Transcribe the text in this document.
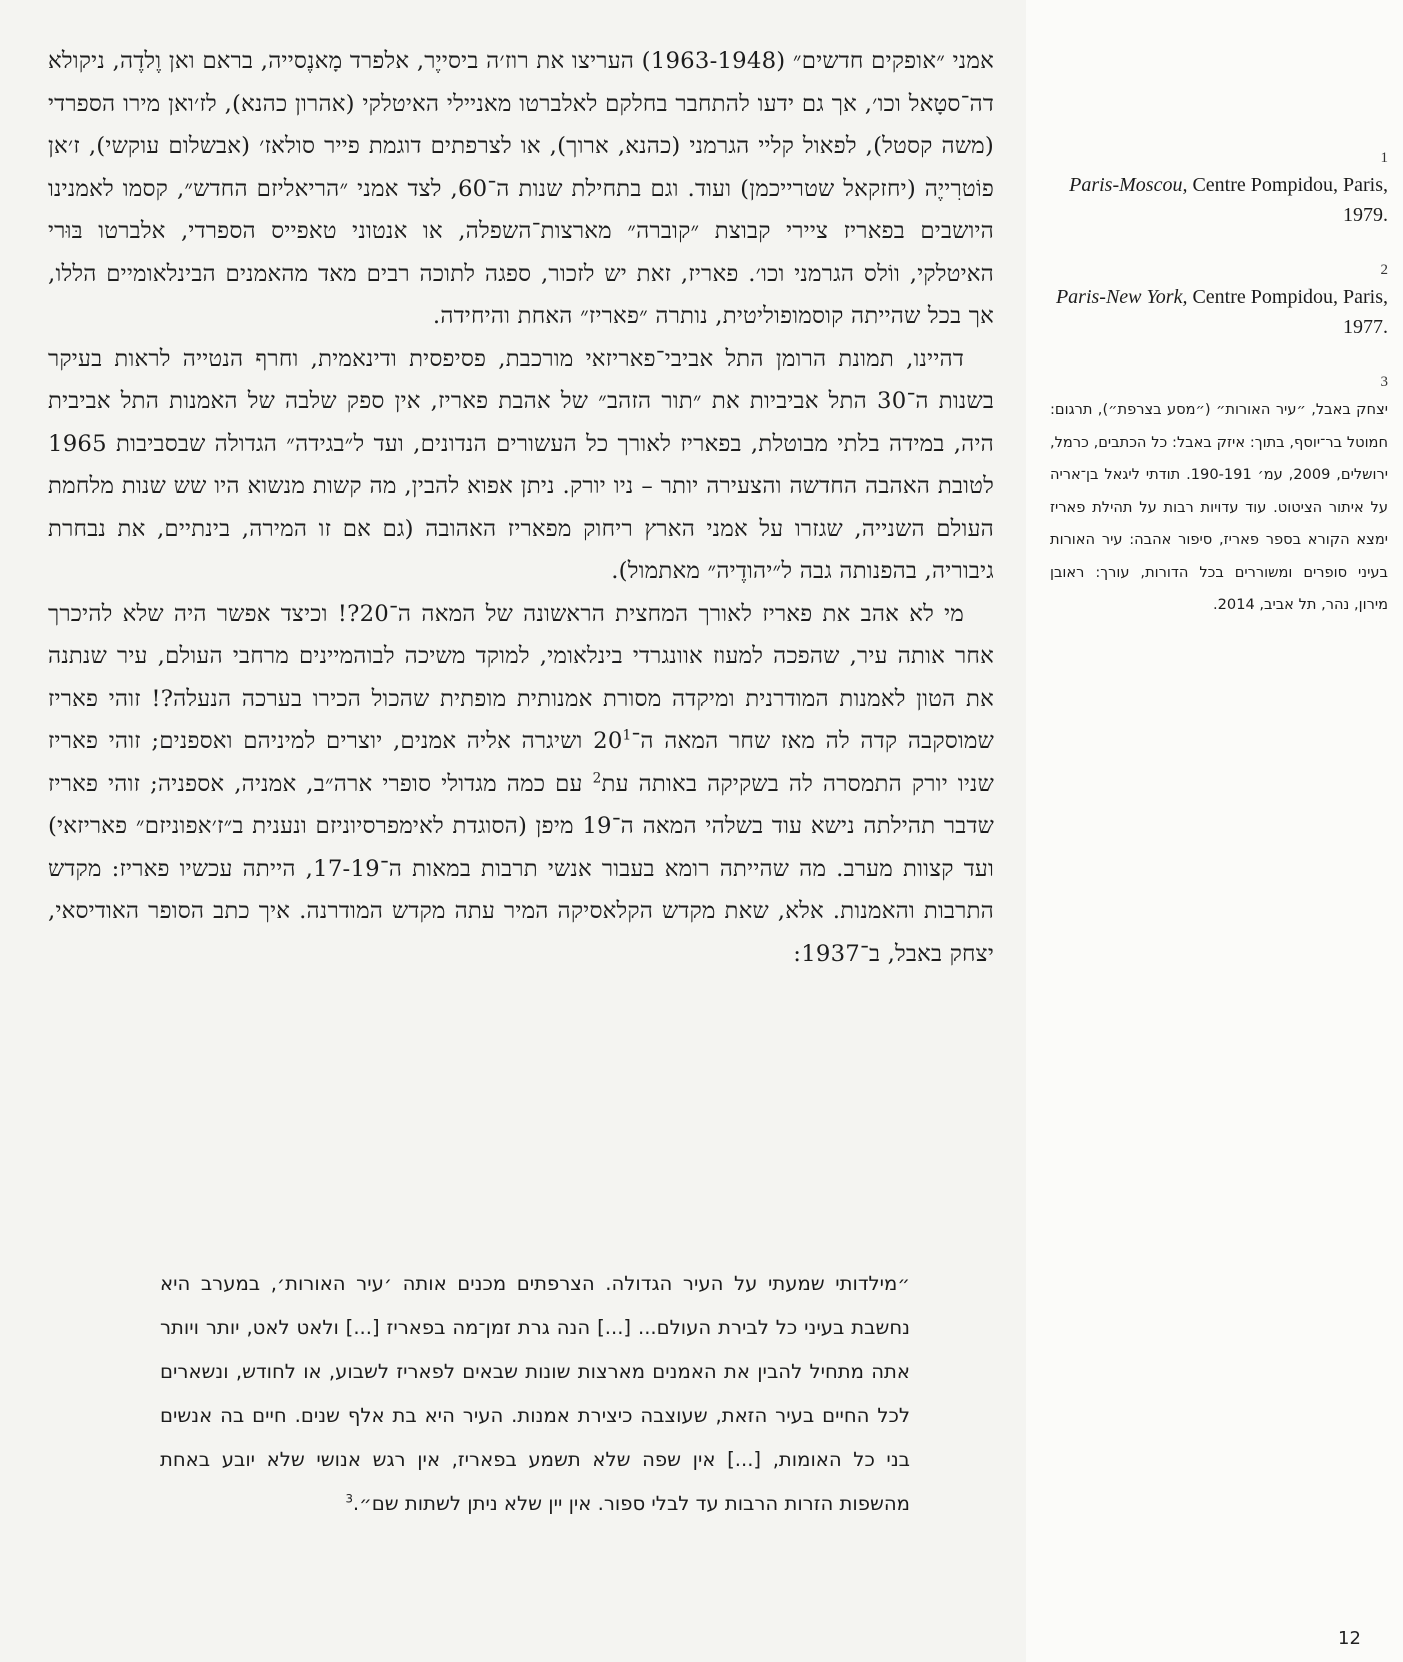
אמני ״אופקים חדשים״ (1963-1948) העריצו את רוז׳ה ביסייֶר, אלפרד מָאנֶסייה, בראם ואן וֶלדֶה, ניקולא דה־סטָאל וכו׳, אך גם ידעו להתחבר בחלקם לאלברטו מאניילי האיטלקי (אהרון כהנא), לז׳ואן מירו הספרדי (משה קסטל), לפאול קליי הגרמני (כהנא, ארוך), או לצרפתים דוגמת פייר סולאז׳ (אבשלום עוקשי), ז׳אן פוֹטרִייֶה (יחזקאל שטרייכמן) ועוד. וגם בתחילת שנות ה־60, לצד אמני ״הריאליזם החדש״, קסמו לאמנינו היושבים בפאריז ציירי קבוצת ״קוברה״ מארצות־השפלה, או אנטוני טאפייס הספרדי, אלברטו בּוּרי האיטלקי, ווֹלס הגרמני וכו׳. פאריז, זאת יש לזכור, ספגה לתוכה רבים מאד מהאמנים הבינלאומיים הללו, אך בכל שהייתה קוסמופוליטית, נותרה ״פאריז״ האחת והיחידה.

דהיינו, תמונת הרומן התל אביבי־פאריזאי מורכבת, פסיפסית ודינאמית, וחרף הנטייה לראות בעיקר בשנות ה־30 התל אביביות את ״תור הזהב״ של אהבת פאריז, אין ספק שלבה של האמנות התל אביבית היה, במידה בלתי מבוטלת, בפאריז לאורך כל העשורים הנדונים, ועד ל״בגידה״ הגדולה שבסביבות 1965 לטובת האהבה החדשה והצעירה יותר – ניו יורק. ניתן אפוא להבין, מה קשות מנשוא היו שש שנות מלחמת העולם השנייה, שגזרו על אמני הארץ ריחוק מפאריז האהובה (גם אם זו המירה, בינתיים, את נבחרת גיבוריה, בהפנותה גבה ל״יהודֶיה״ מאתמול).

מי לא אהב את פאריז לאורך המחצית הראשונה של המאה ה־20?! וכיצד אפשר היה שלא להיכרך אחר אותה עיר, שהפכה למעוז אוונגרדי בינלאומי, למוקד משיכה לבוהמיינים מרחבי העולם, עיר שנתנה את הטון לאמנות המודרנית ומיקדה מסורת אמנותית מופתית שהכול הכירו בערכה הנעלה?! זוהי פאריז שמוסקבה קדה לה מאז שחר המאה $ה־20^1$ ושיגרה אליה אמנים, יוצרים למיניהם ואספנים; זוהי פאריז שניו יורק התמסרה לה בשקיקה באותה עת$^2$ עם כמה מגדולי סופרי ארה״ב, אמניה, אספניה; זוהי פאריז שדבר תהילתה נישא עוד בשלהי המאה ה־19 מיפן (הסוגדת לאימפרסיוניזם ונענית ב״ז׳אפוניזם״ פאריזאי) ועד קצוות מערב. מה שהייתה רומא בעבור אנשי תרבות במאות ה־17-19, הייתה עכשיו פאריז: מקדש התרבות והאמנות. אלא, שאת מקדש הקלאסיקה המיר עתה מקדש המודרנה. איך כתב הסופר האודיסאי, יצחק באבל, ב־1937:

״מילדותי שמעתי על העיר הגדולה. הצרפתים מכנים אותה ׳עיר האורות׳, במערב היא נחשבת בעיני כל לבירת העולם... [...] הנה גרת זמן־מה בפאריז [...] ולאט לאט, יותר ויותר אתה מתחיל להבין את האמנים מארצות שונות שבאים לפאריז לשבוע, או לחודש, ונשארים לכל החיים בעיר הזאת, שעוצבה כיצירת אמנות. העיר היא בת אלף שנים. חיים בה אנשים בני כל האומות, [...] אין שפה שלא תשמע בפאריז, אין רגש אנושי שלא יובע באחת מהשפות הזרות הרבות עד לבלי ספור. אין יין שלא ניתן לשתות שם״.$^3$

1
Paris-Moscou, Centre Pompidou, Paris, 1979.
2
Paris-New York, Centre Pompidou, Paris, 1977.
3
יצחק באבל, ״עיר האורות״ (״מסע בצרפת״), תרגום: חמוטל בר־יוסף, בתוך: איזק באבל: כל הכתבים, כרמל, ירושלים, 2009, עמ׳ 190-191. תודתי ליגאל בן־אריה על איתור הציטוט. עוד עדויות רבות על תהילת פאריז ימצא הקורא בספר פאריז, סיפור אהבה: עיר האורות בעיני סופרים ומשוררים בכל הדורות, עורך: ראובן מירון, נהר, תל אביב, 2014.
12
